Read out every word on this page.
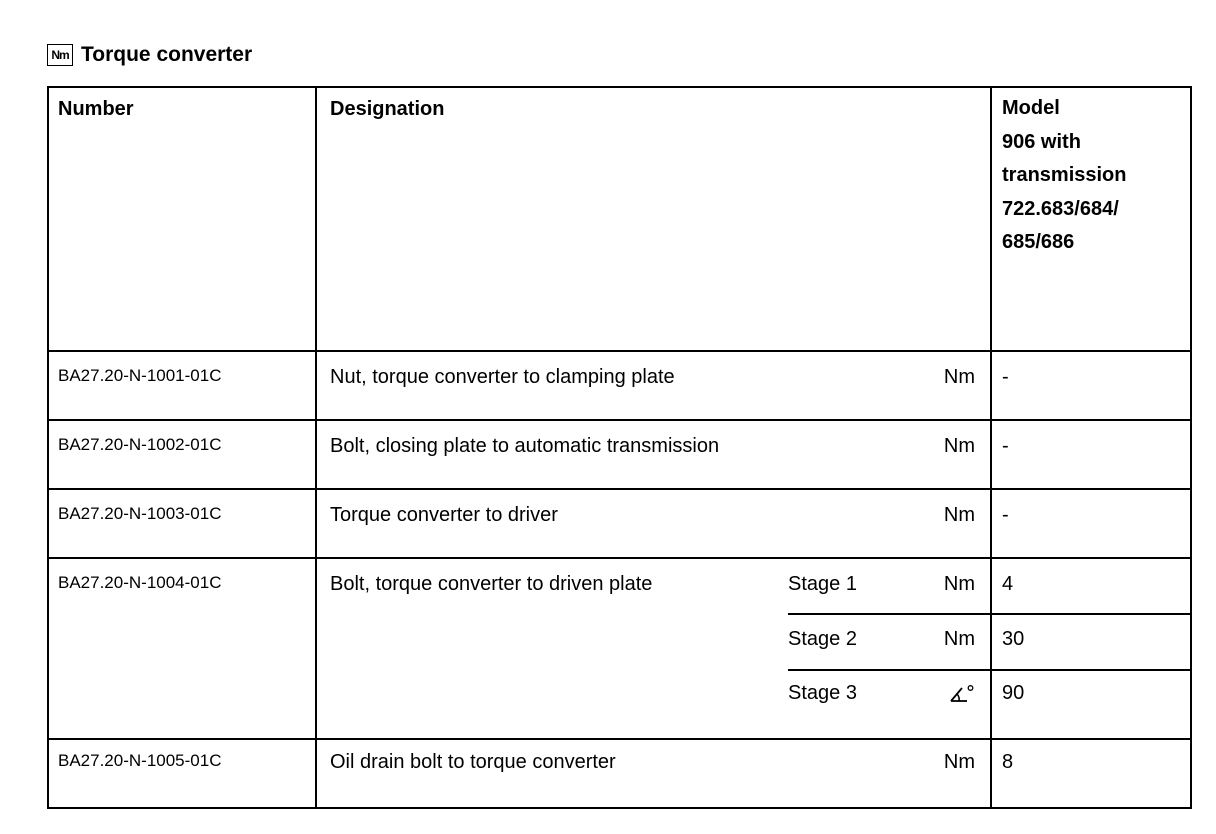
Nm Torque converter
Number	Designation	Model
906 with
transmission
722.683/684/
685/686
BA27.20-N-1001-01C	Nut, torque converter to clamping plate	Nm -
BA27.20-N-1002-01C	Bolt, closing plate to automatic transmission	Nm -
BA27.20-N-1003-01C	Torque converter to driver	Nm -
BA27.20-N-1004-01C	Bolt, torque converter to driven plate	Stage 1	Nm 4
Stage 2	Nm 30
Stage 3	90
BA27.20-N-1005-01C	Oil drain bolt to torque converter	Nm 8
